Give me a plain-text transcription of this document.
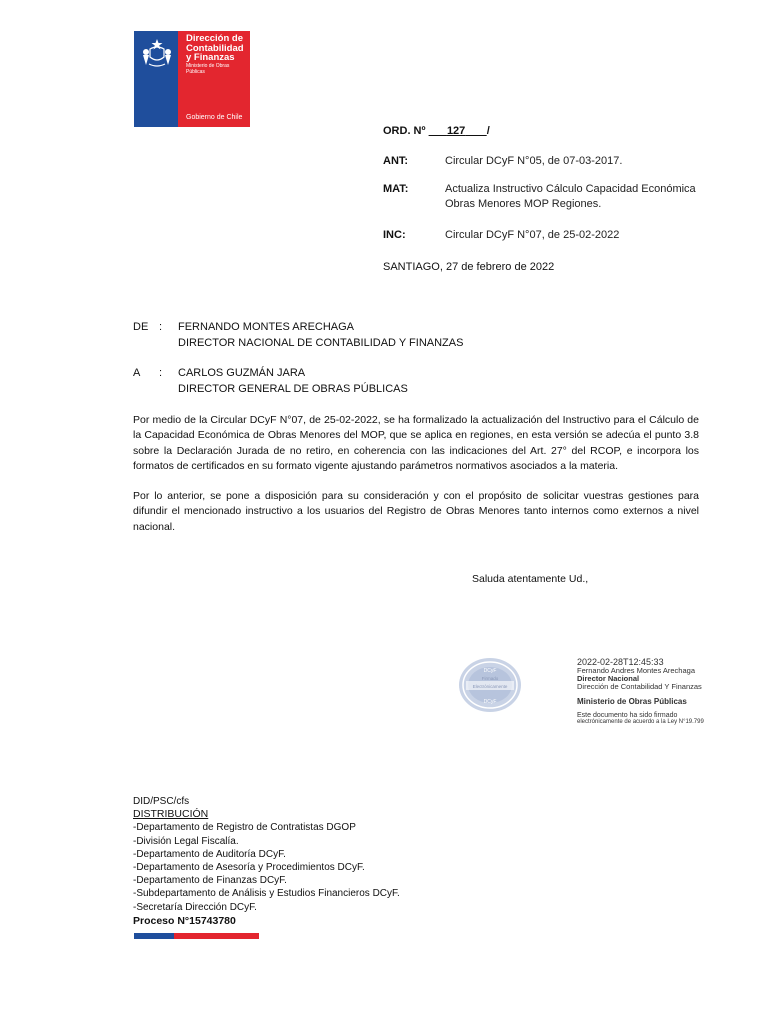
Dirección de
Contabilidad
y Finanzas
Ministerio de Obras
Públicas
Gobierno de Chile
ORD. Nº 127 /
ANT:	Circular DCyF N°05, de 07-03-2017.
MAT:	Actualiza Instructivo Cálculo Capacidad Económica
Obras Menores MOP Regiones.
INC:	Circular DCyF N°07, de 25-02-2022
SANTIAGO, 27 de febrero de 2022
DE : FERNANDO MONTES ARECHAGA
DIRECTOR NACIONAL DE CONTABILIDAD Y FINANZAS
A : CARLOS GUZMÁN JARA
DIRECTOR GENERAL DE OBRAS PÚBLICAS
Por medio de la Circular DCyF N°07, de 25-02-2022, se ha formalizado la actualización del Instructivo para el Cálculo de la Capacidad Económica de Obras Menores del MOP, que se aplica en regiones, en esta versión se adecúa el punto 3.8 sobre la Declaración Jurada de no retiro, en coherencia con las indicaciones del Art. 27° del RCOP, e incorpora los formatos de certificados en su formato vigente ajustando parámetros normativos asociados a la materia.
Por lo anterior, se pone a disposición para su consideración y con el propósito de solicitar vuestras gestiones para difundir el mencionado instructivo a los usuarios del Registro de Obras Menores tanto internos como externos a nivel nacional.
Saluda atentamente Ud.,
DCyF
Firmado
Electrónicamente
DCyF
2022-02-28T12:45:33
Fernando Andres Montes Arechaga
Director Nacional
Dirección de Contabilidad Y Finanzas
Ministerio de Obras Públicas
Este documento ha sido firmado
electrónicamente de acuerdo a la Ley N°19.799
DID/PSC/cfs
DISTRIBUCIÓN
-Departamento de Registro de Contratistas DGOP
-División Legal Fiscalía.
-Departamento de Auditoría DCyF.
-Departamento de Asesoría y Procedimientos DCyF.
-Departamento de Finanzas DCyF.
-Subdepartamento de Análisis y Estudios Financieros DCyF.
-Secretaría Dirección DCyF.
Proceso N°15743780
